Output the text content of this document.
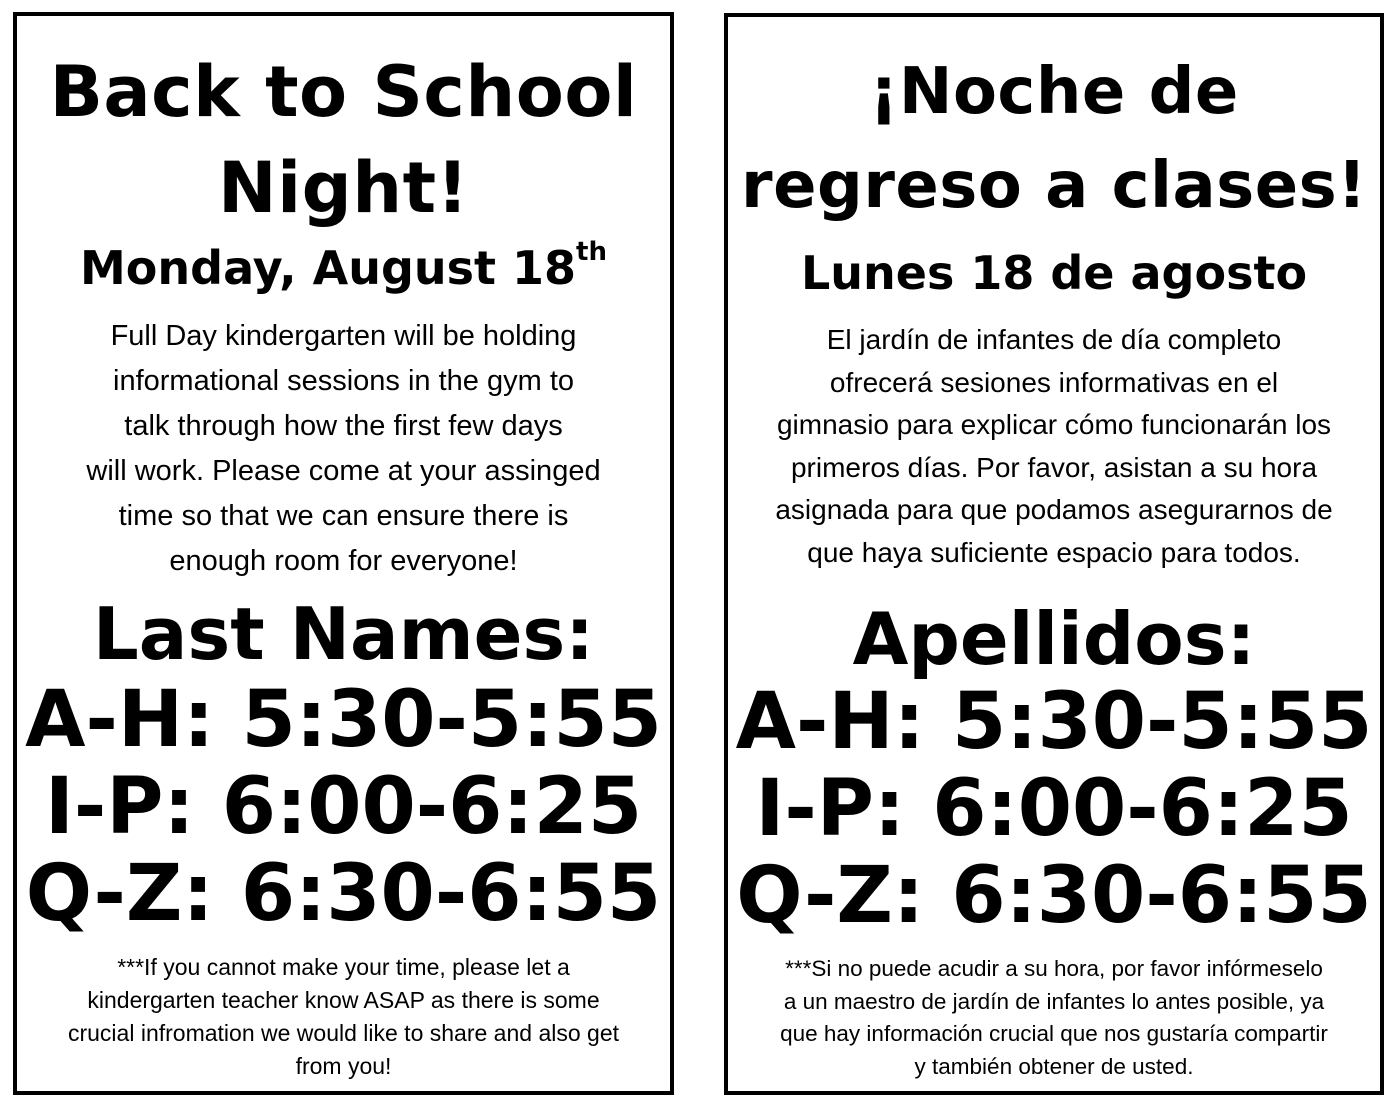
Back to School
Night!
Monday, August 18th
Full Day kindergarten will be holding
informational sessions in the gym to
talk through how the first few days
will work. Please come at your assinged
time so that we can ensure there is
enough room for everyone!
Last Names:
A-H: 5:30-5:55
I-P: 6:00-6:25
Q-Z: 6:30-6:55
***If you cannot make your time, please let a
kindergarten teacher know ASAP as there is some
crucial infromation we would like to share and also get
from you!
¡Noche de
regreso a clases!
Lunes 18 de agosto
El jardín de infantes de día completo
ofrecerá sesiones informativas en el
gimnasio para explicar cómo funcionarán los
primeros días. Por favor, asistan a su hora
asignada para que podamos asegurarnos de
que haya suficiente espacio para todos.
Apellidos:
A-H: 5:30-5:55
I-P: 6:00-6:25
Q-Z: 6:30-6:55
***Si no puede acudir a su hora, por favor infórmeselo
a un maestro de jardín de infantes lo antes posible, ya
que hay información crucial que nos gustaría compartir
y también obtener de usted.
